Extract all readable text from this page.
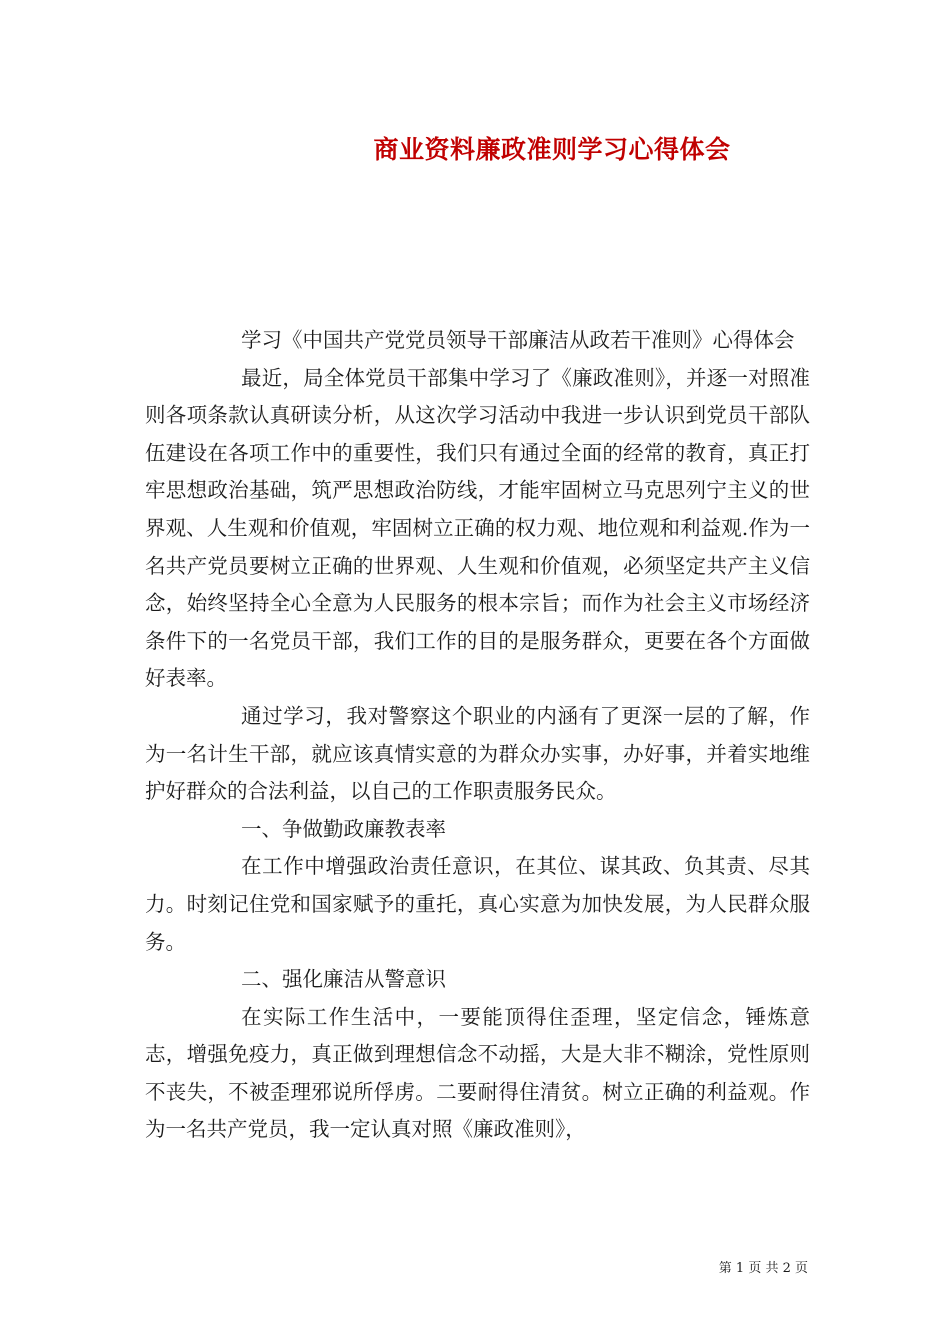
商业资料廉政准则学习心得体会

学习《中国共产党党员领导干部廉洁从政若干准则》心得体会

最近，局全体党员干部集中学习了《廉政准则》，并逐一对照准则各项条款认真研读分析，从这次学习活动中我进一步认识到党员干部队伍建设在各项工作中的重要性，我们只有通过全面的经常的教育，真正打牢思想政治基础，筑严思想政治防线，才能牢固树立马克思列宁主义的世界观、人生观和价值观，牢固树立正确的权力观、地位观和利益观.作为一名共产党员要树立正确的世界观、人生观和价值观，必须坚定共产主义信念，始终坚持全心全意为人民服务的根本宗旨；而作为社会主义市场经济条件下的一名党员干部，我们工作的目的是服务群众，更要在各个方面做好表率。

通过学习，我对警察这个职业的内涵有了更深一层的了解，作为一名计生干部，就应该真情实意的为群众办实事，办好事，并着实地维护好群众的合法利益，以自己的工作职责服务民众。

一、争做勤政廉教表率

在工作中增强政治责任意识，在其位、谋其政、负其责、尽其力。时刻记住党和国家赋予的重托，真心实意为加快发展，为人民群众服务。

二、强化廉洁从警意识

在实际工作生活中，一要能顶得住歪理，坚定信念，锤炼意志，增强免疫力，真正做到理想信念不动摇，大是大非不糊涂，党性原则不丧失，不被歪理邪说所俘虏。二要耐得住清贫。树立正确的利益观。作为一名共产党员，我一定认真对照《廉政准则》，

第 1 页 共 2 页
